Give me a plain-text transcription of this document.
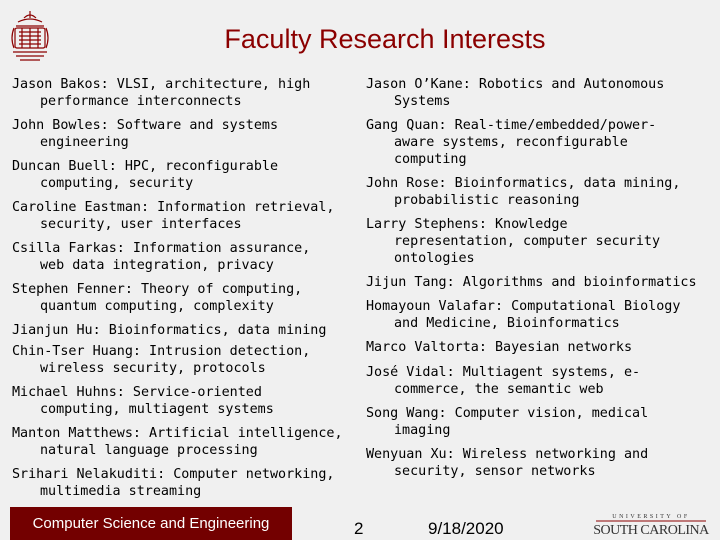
Faculty Research Interests
Jason Bakos: VLSI, architecture, high
performance interconnects
John Bowles: Software and systems
engineering
Duncan Buell: HPC, reconfigurable
computing, security
Caroline Eastman: Information retrieval,
security, user interfaces
Csilla Farkas: Information assurance,
web data integration, privacy
Stephen Fenner: Theory of computing,
quantum computing, complexity
Jianjun Hu: Bioinformatics, data mining
Chin-Tser Huang: Intrusion detection,
wireless security, protocols
Michael Huhns: Service-oriented
computing, multiagent systems
Manton Matthews: Artificial intelligence,
natural language processing
Srihari Nelakuditi: Computer networking,
multimedia streaming
Jason O’Kane: Robotics and Autonomous
Systems
Gang Quan: Real-time/embedded/power-
aware systems, reconfigurable
computing
John Rose: Bioinformatics, data mining,
probabilistic reasoning
Larry Stephens: Knowledge
representation, computer security
ontologies
Jijun Tang: Algorithms and bioinformatics
Homayoun Valafar: Computational Biology
and Medicine, Bioinformatics
Marco Valtorta: Bayesian networks
José Vidal: Multiagent systems, e-
commerce, the semantic web
Song Wang: Computer vision, medical
imaging
Wenyuan Xu: Wireless networking and
security, sensor networks
Computer Science and Engineering	2	9/18/2020
UNIVERSITY OF
SOUTH CAROLINA
